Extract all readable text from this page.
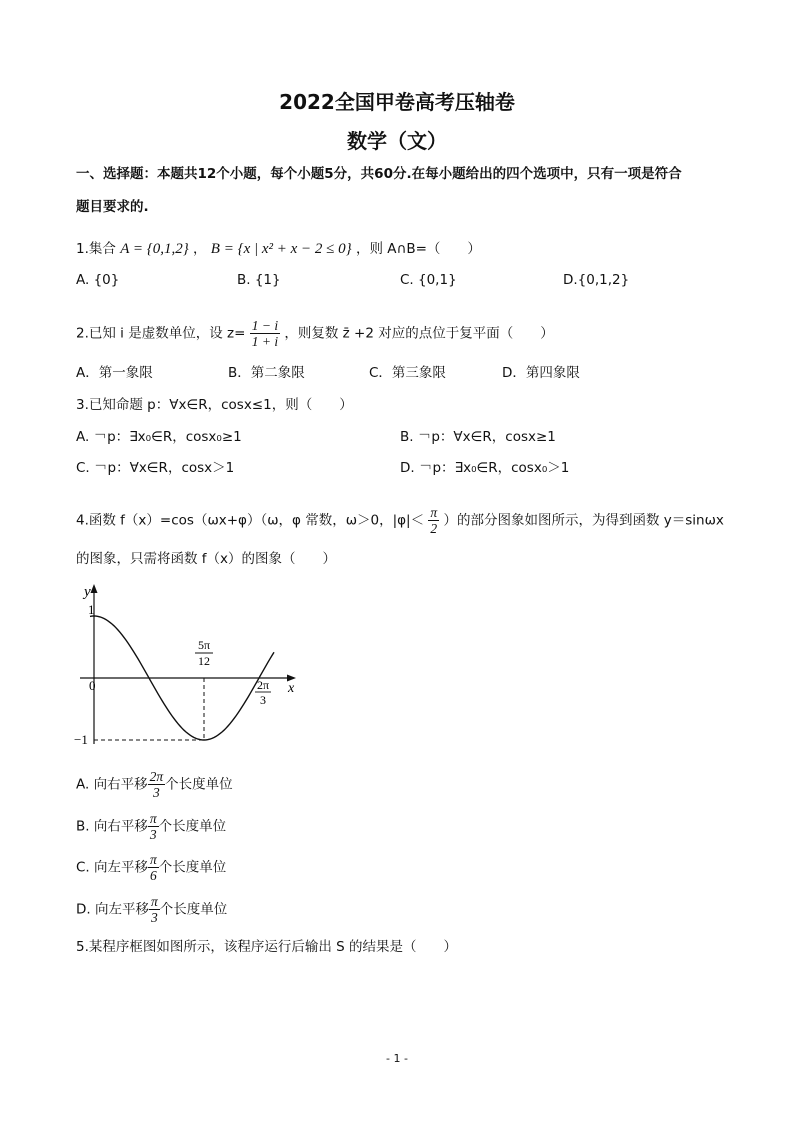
2022全国甲卷高考压轴卷
数学（文）
一、选择题：本题共12个小题，每个小题5分，共60分.在每小题给出的四个选项中，只有一项是符合
题目要求的.
1.集合 A = {0,1,2} ， B = {x | x² + x − 2 ≤ 0} ，则 A∩B=（　　）
A. {0}	B. {1}	C. {0,1}	D.{0,1,2}
2.已知 i 是虚数单位，设 $z= \frac{1 - i}{1 + i}$ ，则复数 z̄ +2 对应的点位于复平面（　　）
A．第一象限	B．第二象限	C．第三象限	D．第四象限
3.已知命题 p：∀x∈R，cosx≤1，则（　　）
A. ￢p：∃x₀∈R，cosx₀≥1	B. ￢p：∀x∈R，cosx≥1
C. ￢p：∀x∈R，cosx＞1	D. ￢p：∃x₀∈R，cosx₀＞1
4.函数 f（x）=cos（ωx+φ）（ω，φ 常数，ω＞0，$|\varphi|< \frac{\pi}{2}$ ）的部分图象如图所示，为得到函数 y＝sinωx
的图象，只需将函数 f（x）的图象（　　）
y
1
0
−1
x
5π
12
2π
3
A. 向右平移 $\frac{2\pi}{3}$ 个长度单位
B. 向右平移 $\frac{\pi}{3}$ 个长度单位
C. 向左平移 $\frac{\pi}{6}$ 个长度单位
D. 向左平移 $\frac{\pi}{3}$ 个长度单位
5.某程序框图如图所示，该程序运行后输出 S 的结果是（　　）
- 1 -
